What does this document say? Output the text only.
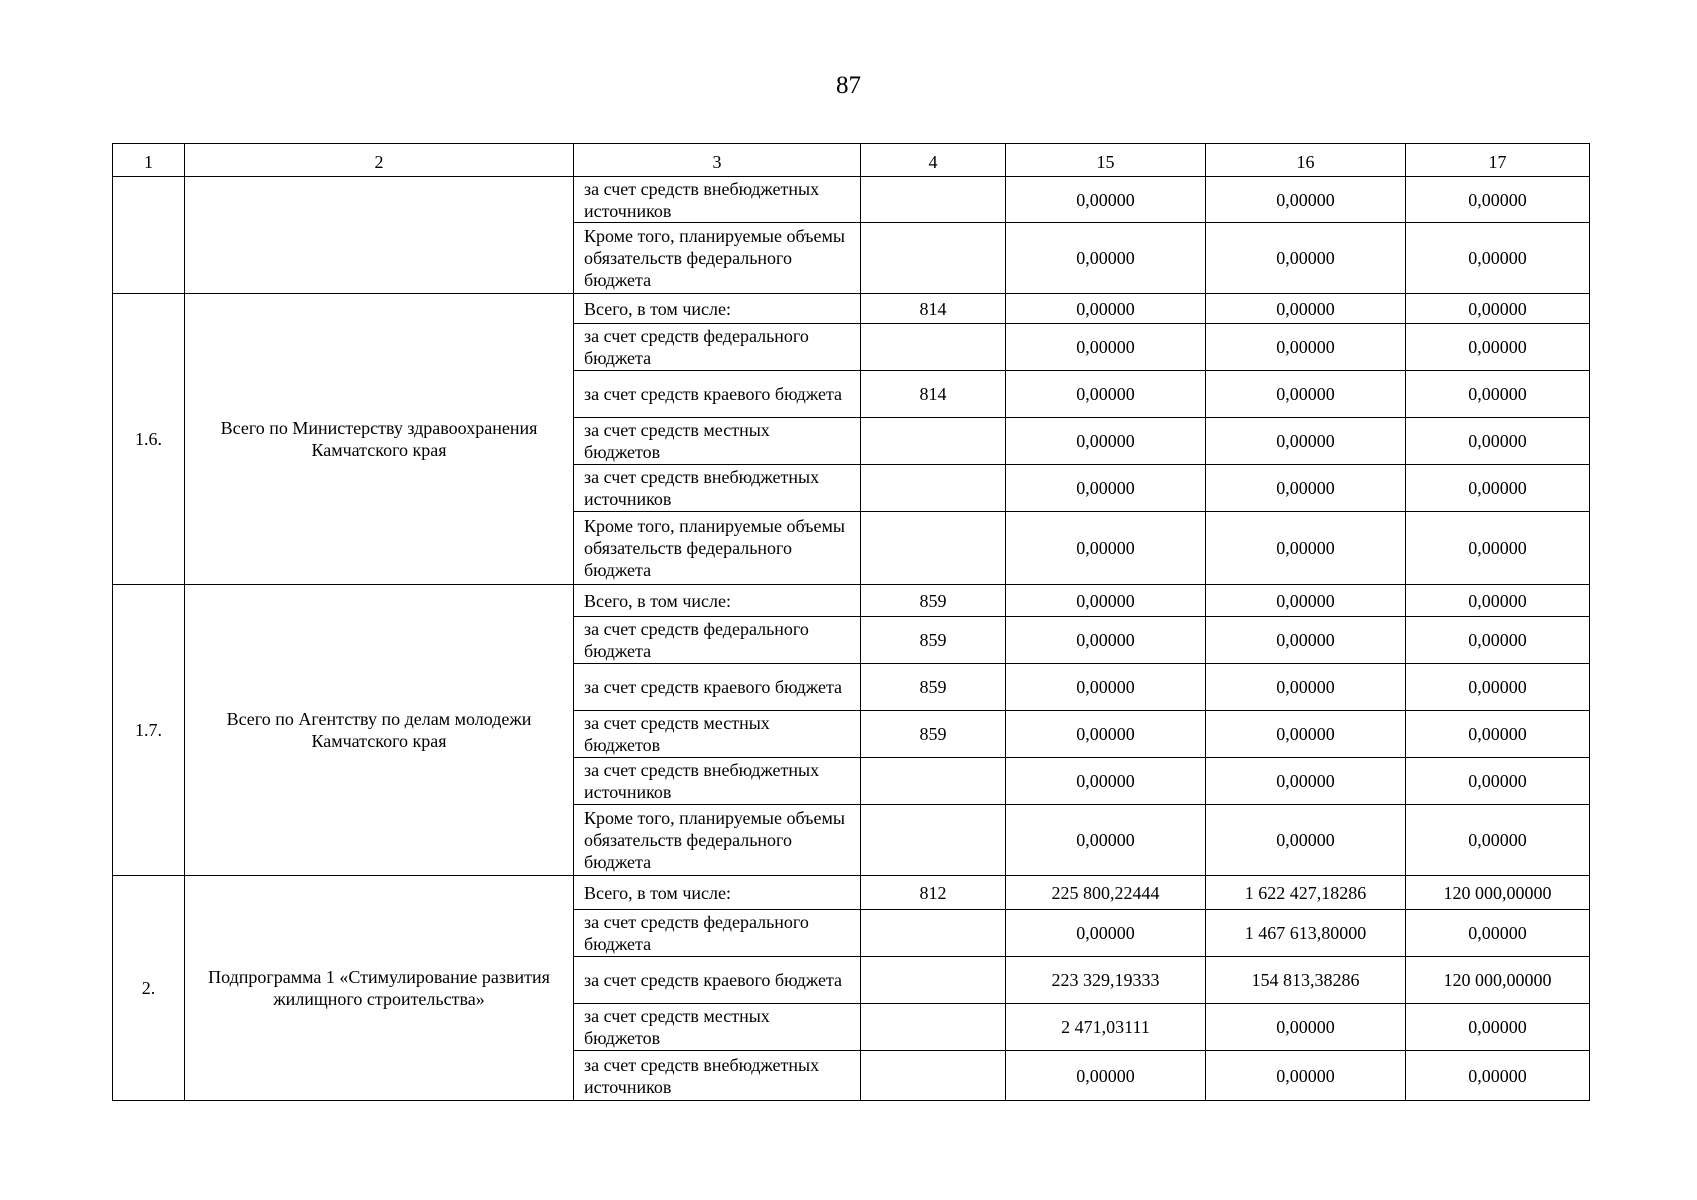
87
1	2	3	4	15	16	17
		за счет средств внебюджетных источников		0,00000	0,00000	0,00000
		Кроме того, планируемые объемы обязательств федерального бюджета		0,00000	0,00000	0,00000
1.6.	Всего по Министерству здравоохранения Камчатского края	Всего, в том числе:	814	0,00000	0,00000	0,00000
		за счет средств федерального бюджета		0,00000	0,00000	0,00000
		за счет средств краевого бюджета	814	0,00000	0,00000	0,00000
		за счет средств местных бюджетов		0,00000	0,00000	0,00000
		за счет средств внебюджетных источников		0,00000	0,00000	0,00000
		Кроме того, планируемые объемы обязательств федерального бюджета		0,00000	0,00000	0,00000
1.7.	Всего по Агентству по делам молодежи Камчатского края	Всего, в том числе:	859	0,00000	0,00000	0,00000
		за счет средств федерального бюджета	859	0,00000	0,00000	0,00000
		за счет средств краевого бюджета	859	0,00000	0,00000	0,00000
		за счет средств местных бюджетов	859	0,00000	0,00000	0,00000
		за счет средств внебюджетных источников		0,00000	0,00000	0,00000
		Кроме того, планируемые объемы обязательств федерального бюджета		0,00000	0,00000	0,00000
2.	Подпрограмма 1 «Стимулирование развития жилищного строительства»	Всего, в том числе:	812	225 800,22444	1 622 427,18286	120 000,00000
		за счет средств федерального бюджета		0,00000	1 467 613,80000	0,00000
		за счет средств краевого бюджета		223 329,19333	154 813,38286	120 000,00000
		за счет средств местных бюджетов		2 471,03111	0,00000	0,00000
		за счет средств внебюджетных источников		0,00000	0,00000	0,00000
